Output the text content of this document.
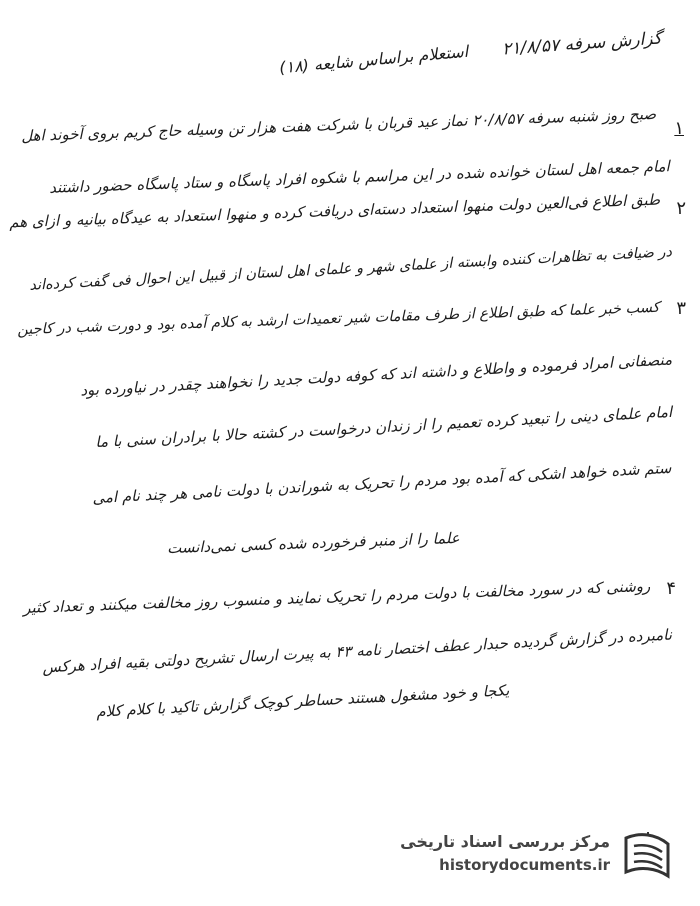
گزارش سرفه ۲۱/۸/۵۷
استعلام براساس شایعه (۱۸)
۱
صبح روز شنبه سرفه ۲۰/۸/۵۷ نماز عید قربان با شرکت هفت هزار تن وسیله حاج کریم بروی آخوند اهل
امام جمعه اهل لستان خوانده شده در این مراسم با شکوه افراد پاسگاه و ستاد پاسگاه حضور داشتند
۲
طبق اطلاع فی‌العین دولت منهوا استعداد دسته‌ای دریافت کرده و منهوا استعداد به عیدگاه بیانیه و ازای هم
در ضیافت به تظاهرات کننده وابسته از علمای شهر و علمای اهل لستان از قبیل این احوال فی گفت کرده‌اند
۳
کسب خبر علما که طبق اطلاع از طرف مقامات شیر تعمیدات ارشد به کلام آمده بود و دورت شب در کاجین
منصفانی امراد فرموده و واطلاع و داشته اند که کوفه دولت جدید را نخواهند چقدر در نیاورده بود
امام علمای دینی را تبعید کرده تعمیم را از زندان درخواست در کشته حالا با برادران سنی با ما
ستم شده خواهد اشکی که آمده بود مردم را تحریک به شوراندن با دولت نامی هر چند نام امی
علما را از منبر فرخورده شده کسی نمی‌دانست
۴
روشنی که در سورد مخالفت با دولت مردم را تحریک نمایند و منسوب روز مخالفت میکنند و تعداد کثیر
نامبرده در گزارش گردیده حبدار عطف اختصار نامه ۴۳ به پیرت ارسال تشریح دولتی بقیه افراد هرکس
یکجا و خود مشغول هستند حساطر کوچک گزارش تاکید با کلام کلام
مرکز بررسی اسناد تاریخی
historydocuments.ir
